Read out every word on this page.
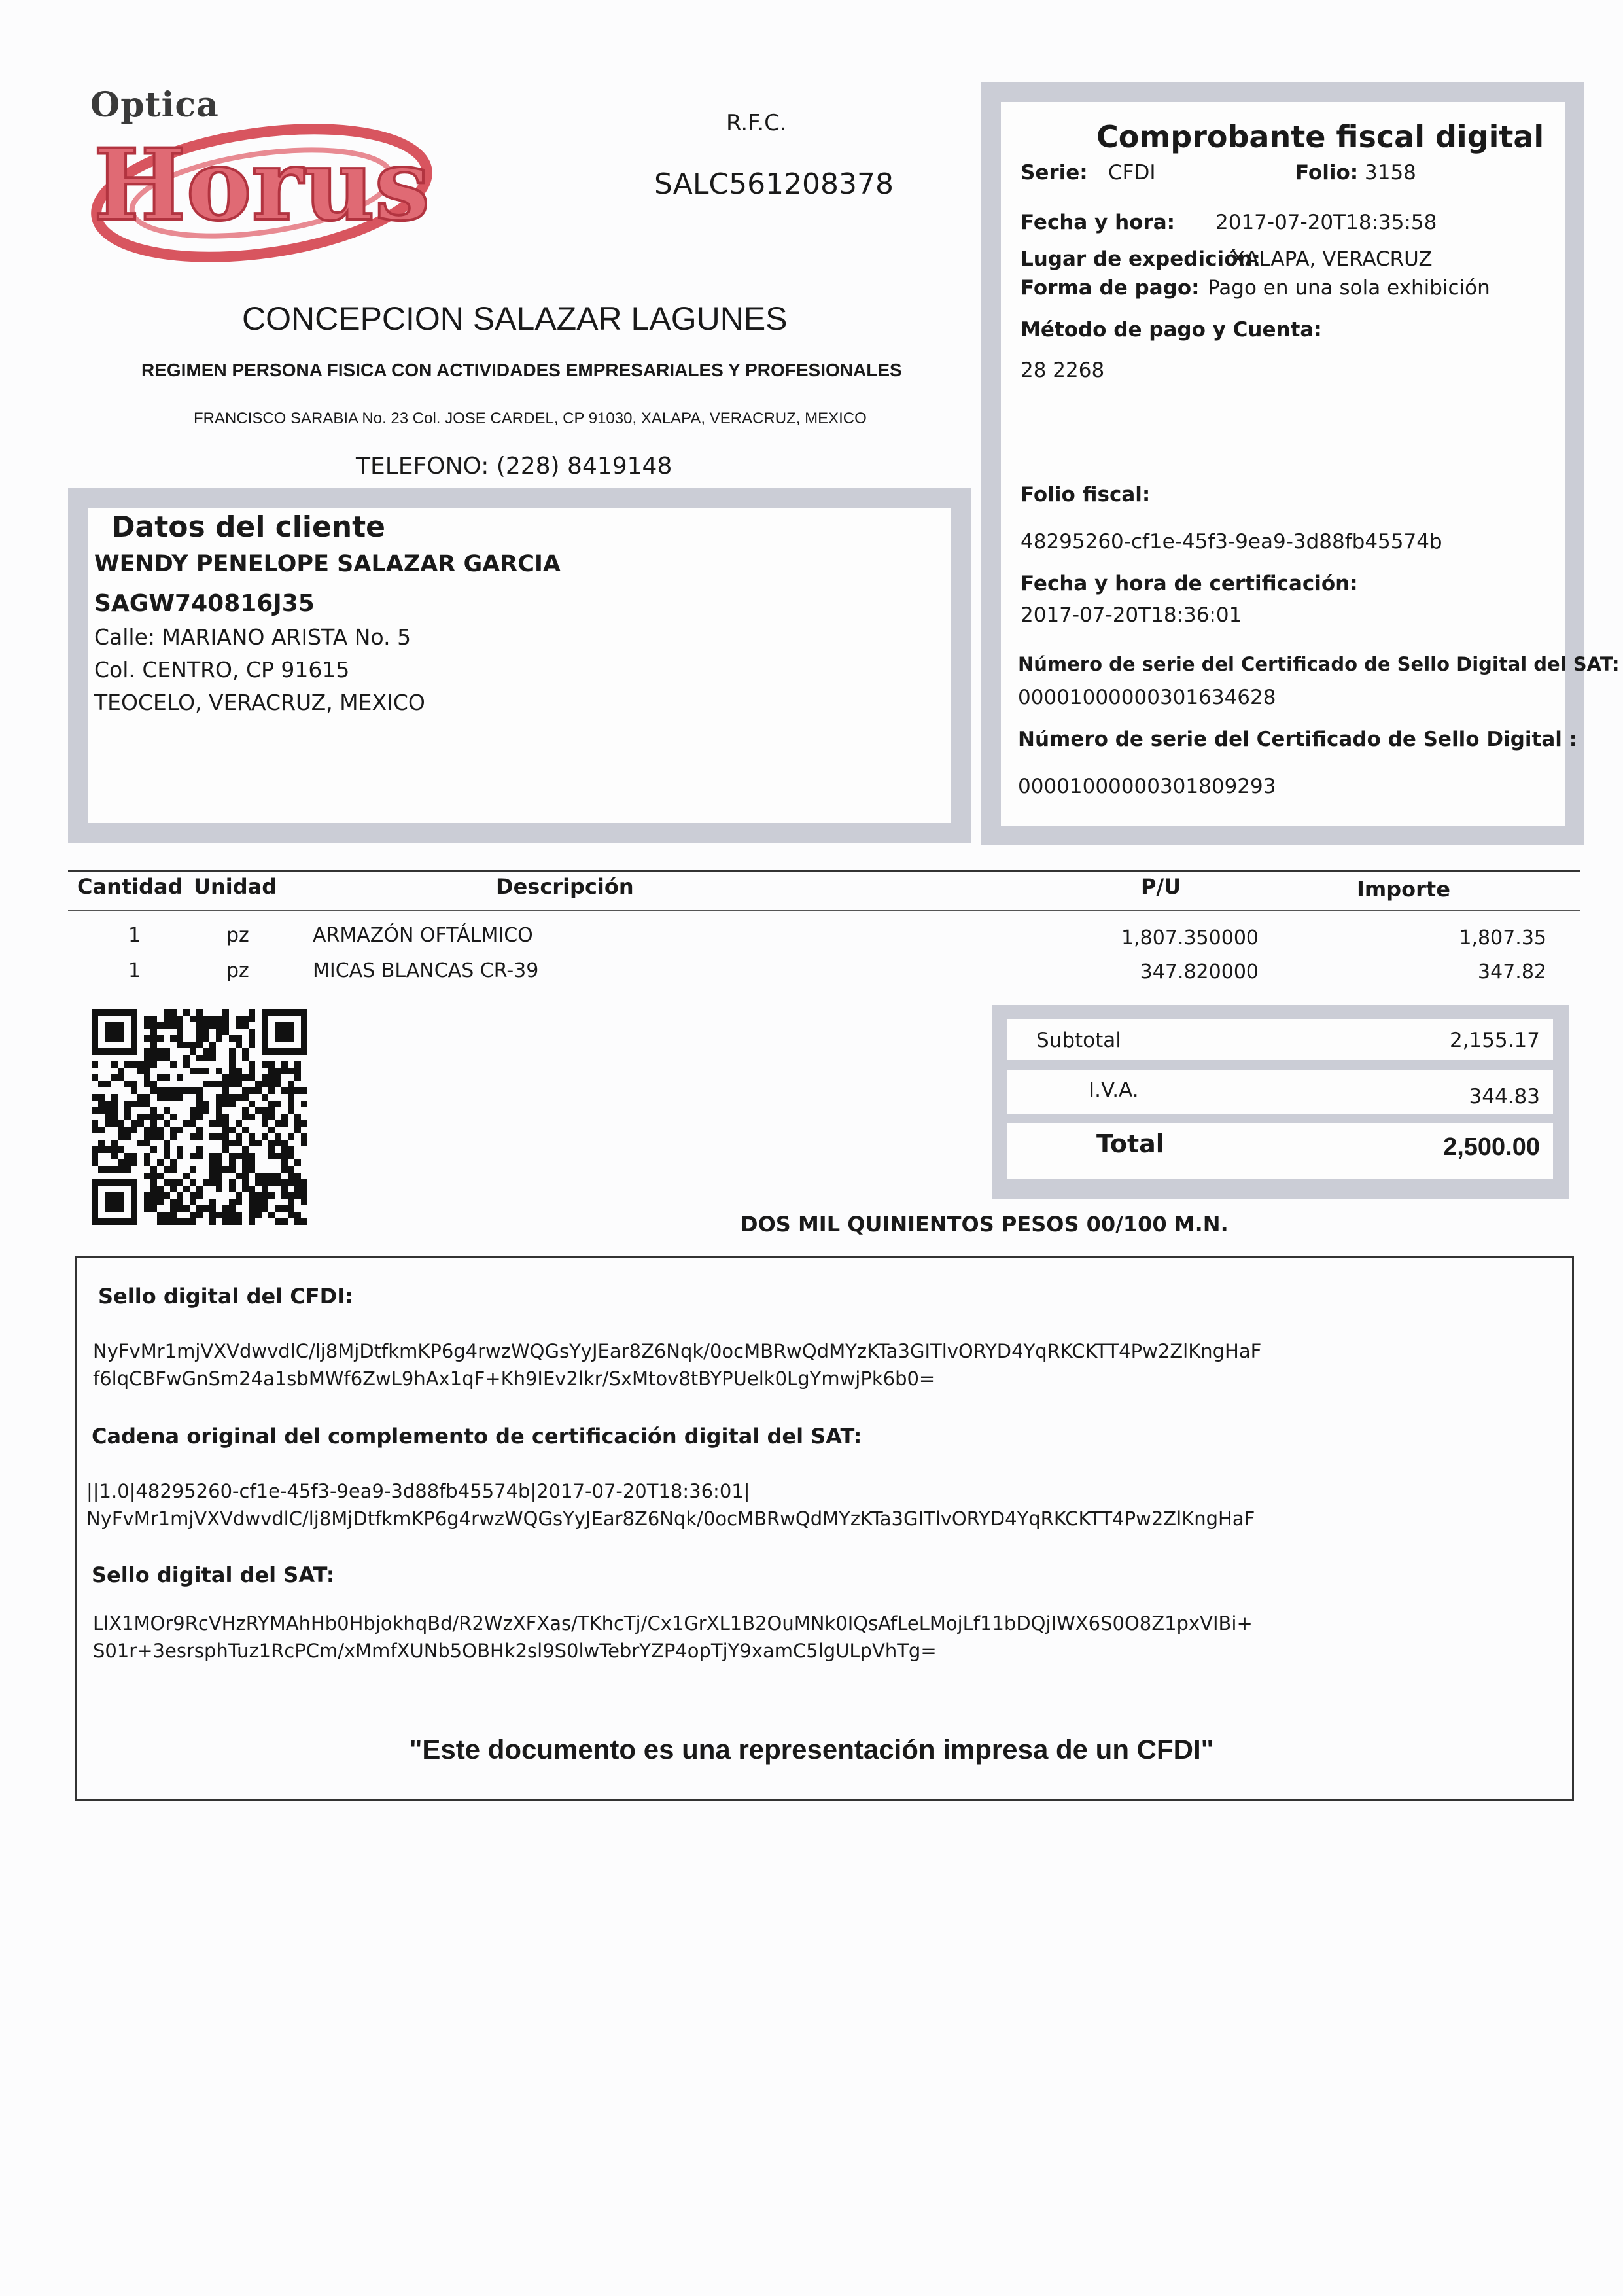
Optica
Horus
R.F.C.
SALC561208378
CONCEPCION SALAZAR LAGUNES
REGIMEN PERSONA FISICA CON ACTIVIDADES EMPRESARIALES Y PROFESIONALES
FRANCISCO SARABIA No. 23 Col. JOSE CARDEL, CP 91030, XALAPA, VERACRUZ, MEXICO
TELEFONO: (228) 8419148
Datos del cliente
WENDY PENELOPE SALAZAR GARCIA
SAGW740816J35
Calle: MARIANO ARISTA No. 5
Col. CENTRO, CP 91615
TEOCELO, VERACRUZ, MEXICO
Comprobante fiscal digital
Serie: CFDI	Folio: 3158
Fecha y hora: 2017-07-20T18:35:58
Lugar de expedición:
XALAPA, VERACRUZ
Forma de pago: Pago en una sola exhibición
Método de pago y Cuenta:
28 2268
Folio fiscal:
48295260-cf1e-45f3-9ea9-3d88fb45574b
Fecha y hora de certificación:
2017-07-20T18:36:01
Número de serie del Certificado de Sello Digital del SAT:
00001000000301634628
Número de serie del Certificado de Sello Digital :
00001000000301809293
Cantidad Unidad	Descripción	P/U	Importe
1	pz	ARMAZÓN OFTÁLMICO	1,807.350000	1,807.35
1	pz	MICAS BLANCAS CR-39	347.820000	347.82
Subtotal	2,155.17
I.V.A.	344.83
Total	2,500.00
DOS MIL QUINIENTOS PESOS 00/100 M.N.
Sello digital del CFDI:
NyFvMr1mjVXVdwvdlC/lj8MjDtfkmKP6g4rwzWQGsYyJEar8Z6Nqk/0ocMBRwQdMYzKTa3GITlvORYD4YqRKCKTT4Pw2ZlKngHaF
f6lqCBFwGnSm24a1sbMWf6ZwL9hAx1qF+Kh9IEv2lkr/SxMtov8tBYPUelk0LgYmwjPk6b0=
Cadena original del complemento de certificación digital del SAT:
||1.0|48295260-cf1e-45f3-9ea9-3d88fb45574b|2017-07-20T18:36:01|
NyFvMr1mjVXVdwvdlC/lj8MjDtfkmKP6g4rwzWQGsYyJEar8Z6Nqk/0ocMBRwQdMYzKTa3GITlvORYD4YqRKCKTT4Pw2ZlKngHaF
Sello digital del SAT:
LlX1MOr9RcVHzRYMAhHb0HbjokhqBd/R2WzXFXas/TKhcTj/Cx1GrXL1B2OuMNk0IQsAfLeLMojLf11bDQjIWX6S0O8Z1pxVIBi+
S01r+3esrsphTuz1RcPCm/xMmfXUNb5OBHk2sl9S0lwTebrYZP4opTjY9xamC5lgULpVhTg=
"Este documento es una representación impresa de un CFDI"
